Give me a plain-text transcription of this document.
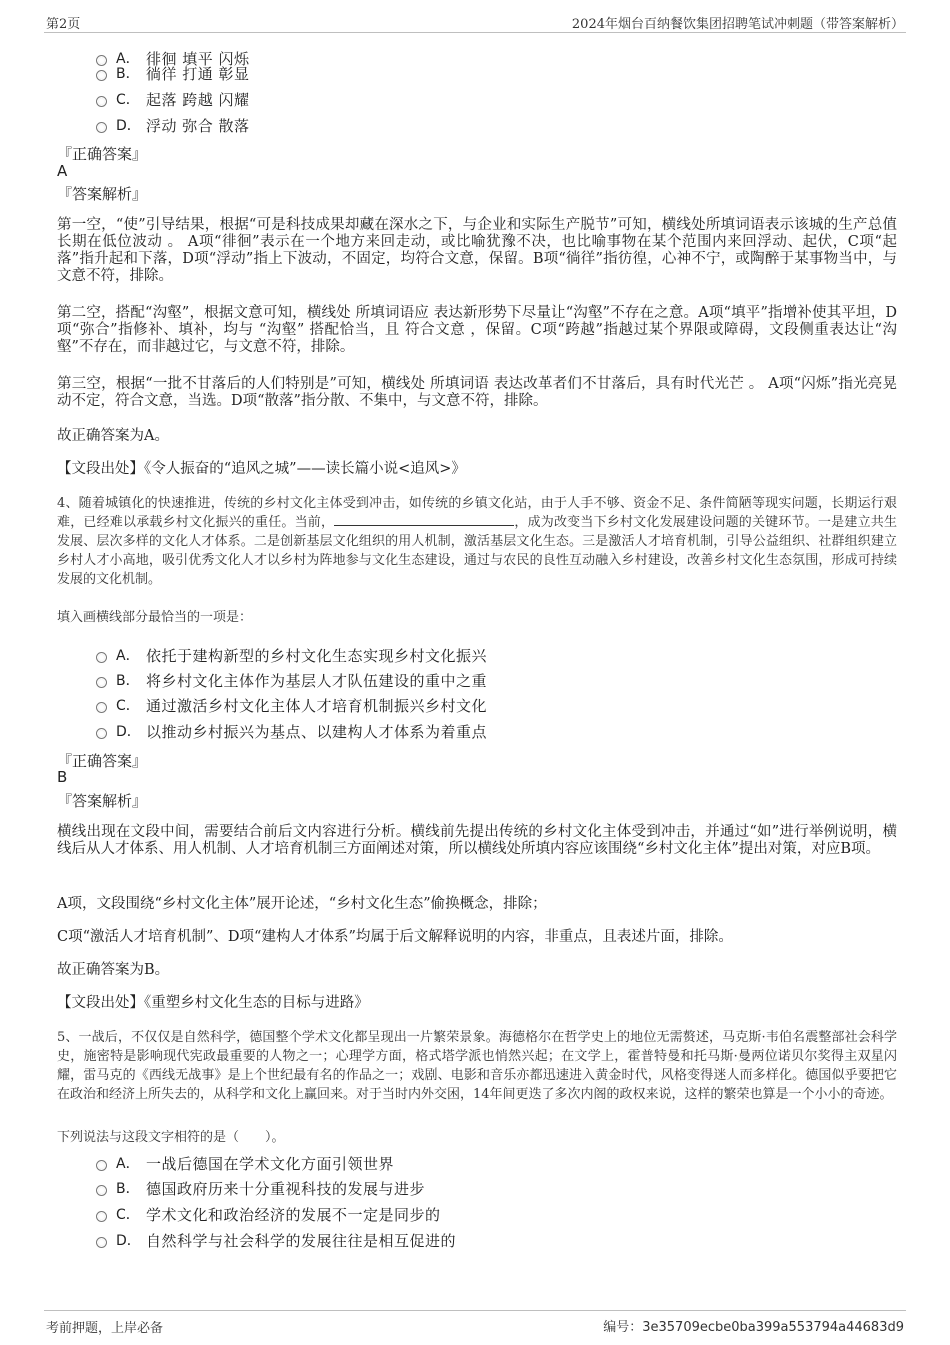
第2页	2024年烟台百纳餐饮集团招聘笔试冲刺题（带答案解析）
A． 徘徊 填平 闪烁
B． 徜徉 打通 彰显
C． 起落 跨越 闪耀
D． 浮动 弥合 散落
『正确答案』
A
『答案解析』
第一空，“使”引导结果，根据“可是科技成果却藏在深水之下，与企业和实际生产脱节”可知，横线处所填词语表示该城的生产总值长期在低位波动 。 A项“徘徊”表示在一个地方来回走动，或比喻犹豫不决，也比喻事物在某个范围内来回浮动、起伏，C项“起落”指升起和下落，D项“浮动”指上下波动，不固定，均符合文意，保留。B项“徜徉”指彷徨，心神不宁，或陶醉于某事物当中，与文意不符，排除。
第二空，搭配“沟壑”，根据文意可知，横线处 所填词语应 表达新形势下尽量让“沟壑”不存在之意。A项“填平”指增补使其平坦，D项“弥合”指修补、填补，均与 “沟壑” 搭配恰当，且 符合文意 ，保留。C项“跨越”指越过某个界限或障碍，文段侧重表达让“沟壑”不存在，而非越过它，与文意不符，排除。
第三空，根据“一批不甘落后的人们特别是”可知，横线处 所填词语 表达改革者们不甘落后，具有时代光芒 。 A项“闪烁”指光亮晃动不定，符合文意，当选。D项“散落”指分散、不集中，与文意不符，排除。
故正确答案为A。
【文段出处】《令人振奋的“追风之城”——读长篇小说<追风>》
4、随着城镇化的快速推进，传统的乡村文化主体受到冲击，如传统的乡镇文化站，由于人手不够、资金不足、条件简陋等现实问题，长期运行艰难，已经难以承载乡村文化振兴的重任。当前，	，成为改变当下乡村文化发展建设问题的关键环节。一是建立共生发展、层次多样的文化人才体系。二是创新基层文化组织的用人机制，激活基层文化生态。三是激活人才培育机制，引导公益组织、社群组织建立乡村人才小高地，吸引优秀文化人才以乡村为阵地参与文化生态建设，通过与农民的良性互动融入乡村建设，改善乡村文化生态氛围，形成可持续发展的文化机制。
填入画横线部分最恰当的一项是：
A． 依托于建构新型的乡村文化生态实现乡村文化振兴
B． 将乡村文化主体作为基层人才队伍建设的重中之重
C． 通过激活乡村文化主体人才培育机制振兴乡村文化
D． 以推动乡村振兴为基点、以建构人才体系为着重点
『正确答案』
B
『答案解析』
横线出现在文段中间，需要结合前后文内容进行分析。横线前先提出传统的乡村文化主体受到冲击，并通过“如”进行举例说明，横线后从人才体系、用人机制、人才培育机制三方面阐述对策，所以横线处所填内容应该围绕“乡村文化主体”提出对策，对应B项。
A项，文段围绕“乡村文化主体”展开论述，“乡村文化生态”偷换概念，排除；
C项“激活人才培育机制”、D项“建构人才体系”均属于后文解释说明的内容，非重点，且表述片面，排除。
故正确答案为B。
【文段出处】《重塑乡村文化生态的目标与进路》
5、一战后，不仅仅是自然科学，德国整个学术文化都呈现出一片繁荣景象。海德格尔在哲学史上的地位无需赘述，马克斯·韦伯名震整部社会科学史，施密特是影响现代宪政最重要的人物之一；心理学方面，格式塔学派也悄然兴起；在文学上，霍普特曼和托马斯·曼两位诺贝尔奖得主双星闪耀，雷马克的《西线无战事》是上个世纪最有名的作品之一；戏剧、电影和音乐亦都迅速进入黄金时代，风格变得迷人而多样化。德国似乎要把它在政治和经济上所失去的，从科学和文化上赢回来。对于当时内外交困，14年间更迭了多次内阁的政权来说，这样的繁荣也算是一个小小的奇迹。
下列说法与这段文字相符的是（　　）。
A． 一战后德国在学术文化方面引领世界
B． 德国政府历来十分重视科技的发展与进步
C． 学术文化和政治经济的发展不一定是同步的
D． 自然科学与社会科学的发展往往是相互促进的
考前押题，上岸必备	编号：3e35709ecbe0ba399a553794a44683d9
